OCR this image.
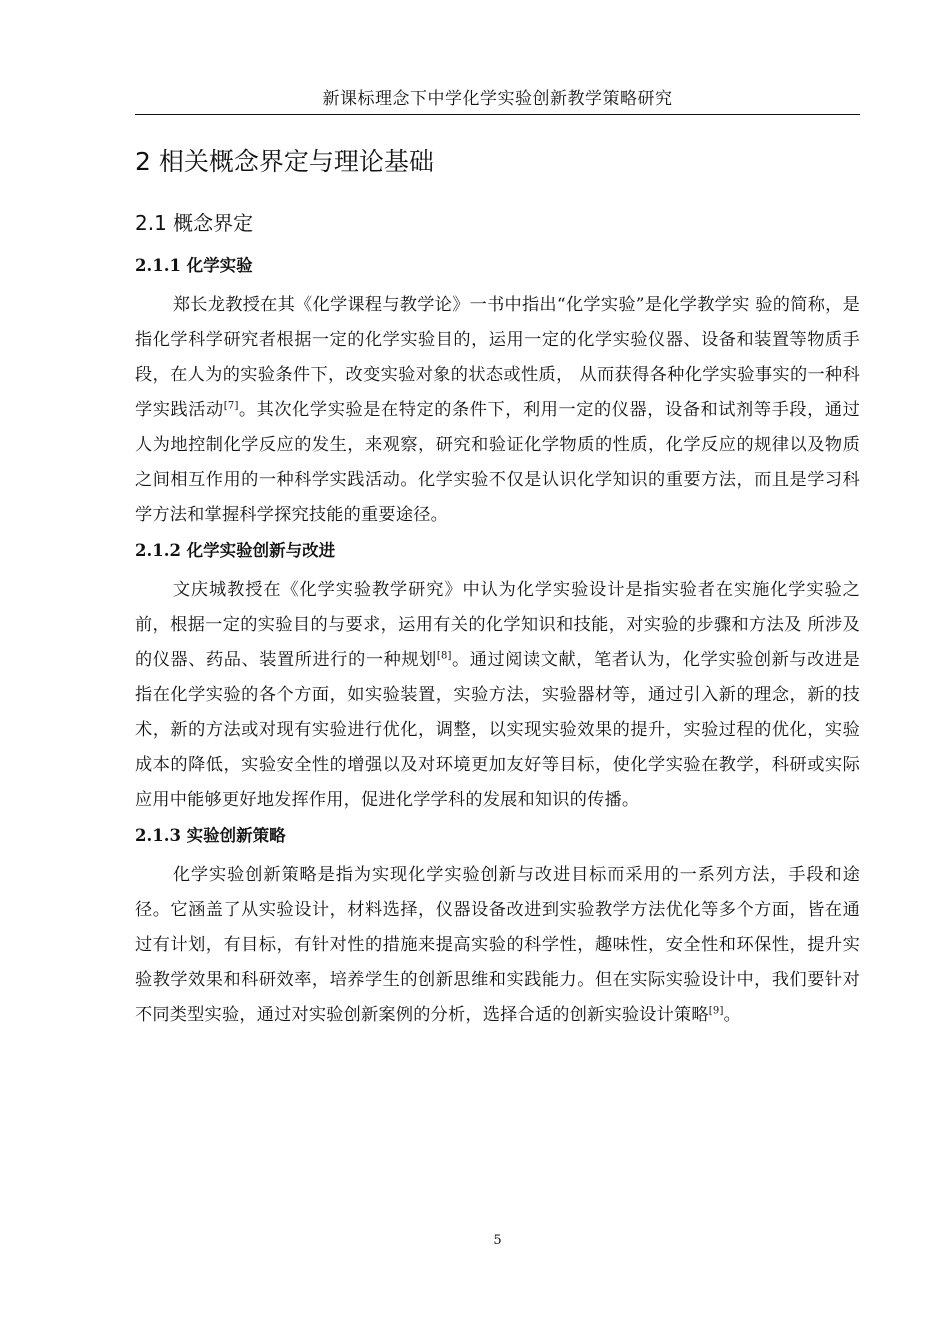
新课标理念下中学化学实验创新教学策略研究
2 相关概念界定与理论基础
2.1 概念界定
2.1.1 化学实验

郑长龙教授在其《化学课程与教学论》一书中指出“化学实验”是化学教学实 验的简称，是指化学科学研究者根据一定的化学实验目的，运用一定的化学实验仪器、设备和装置等物质手段，在人为的实验条件下，改变实验对象的状态或性质， 从而获得各种化学实验事实的一种科学实践活动[7]。其次化学实验是在特定的条件下，利用一定的仪器，设备和试剂等手段，通过人为地控制化学反应的发生，来观察，研究和验证化学物质的性质，化学反应的规律以及物质之间相互作用的一种科学实践活动。化学实验不仅是认识化学知识的重要方法，而且是学习科学方法和掌握科学探究技能的重要途径。

2.1.2 化学实验创新与改进

文庆城教授在《化学实验教学研究》中认为化学实验设计是指实验者在实施化学实验之 前，根据一定的实验目的与要求，运用有关的化学知识和技能，对实验的步骤和方法及 所涉及的仪器、药品、装置所进行的一种规划[8]。通过阅读文献，笔者认为，化学实验创新与改进是指在化学实验的各个方面，如实验装置，实验方法，实验器材等，通过引入新的理念，新的技术，新的方法或对现有实验进行优化，调整，以实现实验效果的提升，实验过程的优化，实验成本的降低，实验安全性的增强以及对环境更加友好等目标，使化学实验在教学，科研或实际应用中能够更好地发挥作用，促进化学学科的发展和知识的传播。

2.1.3 实验创新策略

化学实验创新策略是指为实现化学实验创新与改进目标而采用的一系列方法，手段和途径。它涵盖了从实验设计，材料选择，仪器设备改进到实验教学方法优化等多个方面，皆在通过有计划，有目标，有针对性的措施来提高实验的科学性，趣味性，安全性和环保性，提升实验教学效果和科研效率，培养学生的创新思维和实践能力。但在实际实验设计中，我们要针对不同类型实验，通过对实验创新案例的分析，选择合适的创新实验设计策略[9]。

5
